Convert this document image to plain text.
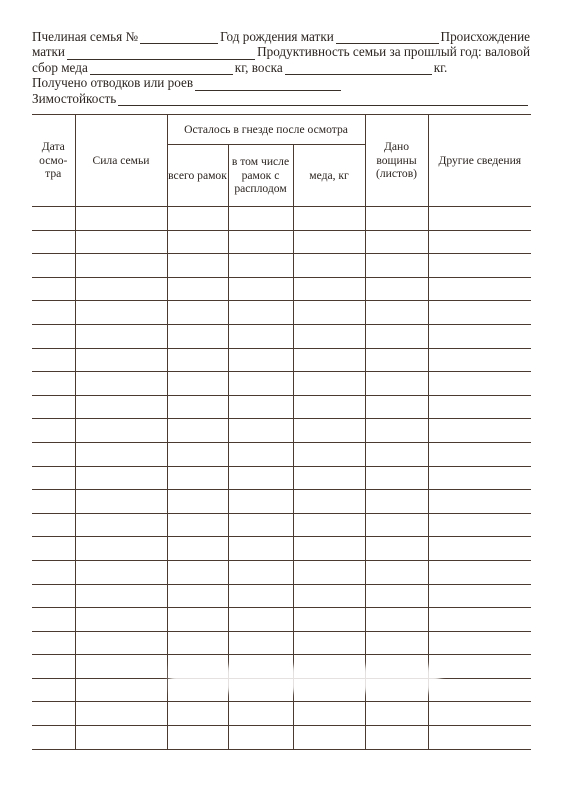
Пчелиная семья №	Год рождения матки	Происхождение
матки	Продуктивность семьи за прошлый год: валовой
сбор меда	кг, воска	кг.
Получено отводков или роев
Зимостойкость
Дата осмо- тра	Сила семьи	Осталось в гнезде после осмотра			Дано вощины (листов)	Другие сведения
		всего рамок	в том числе рамок с расплодом	меда, кг		
